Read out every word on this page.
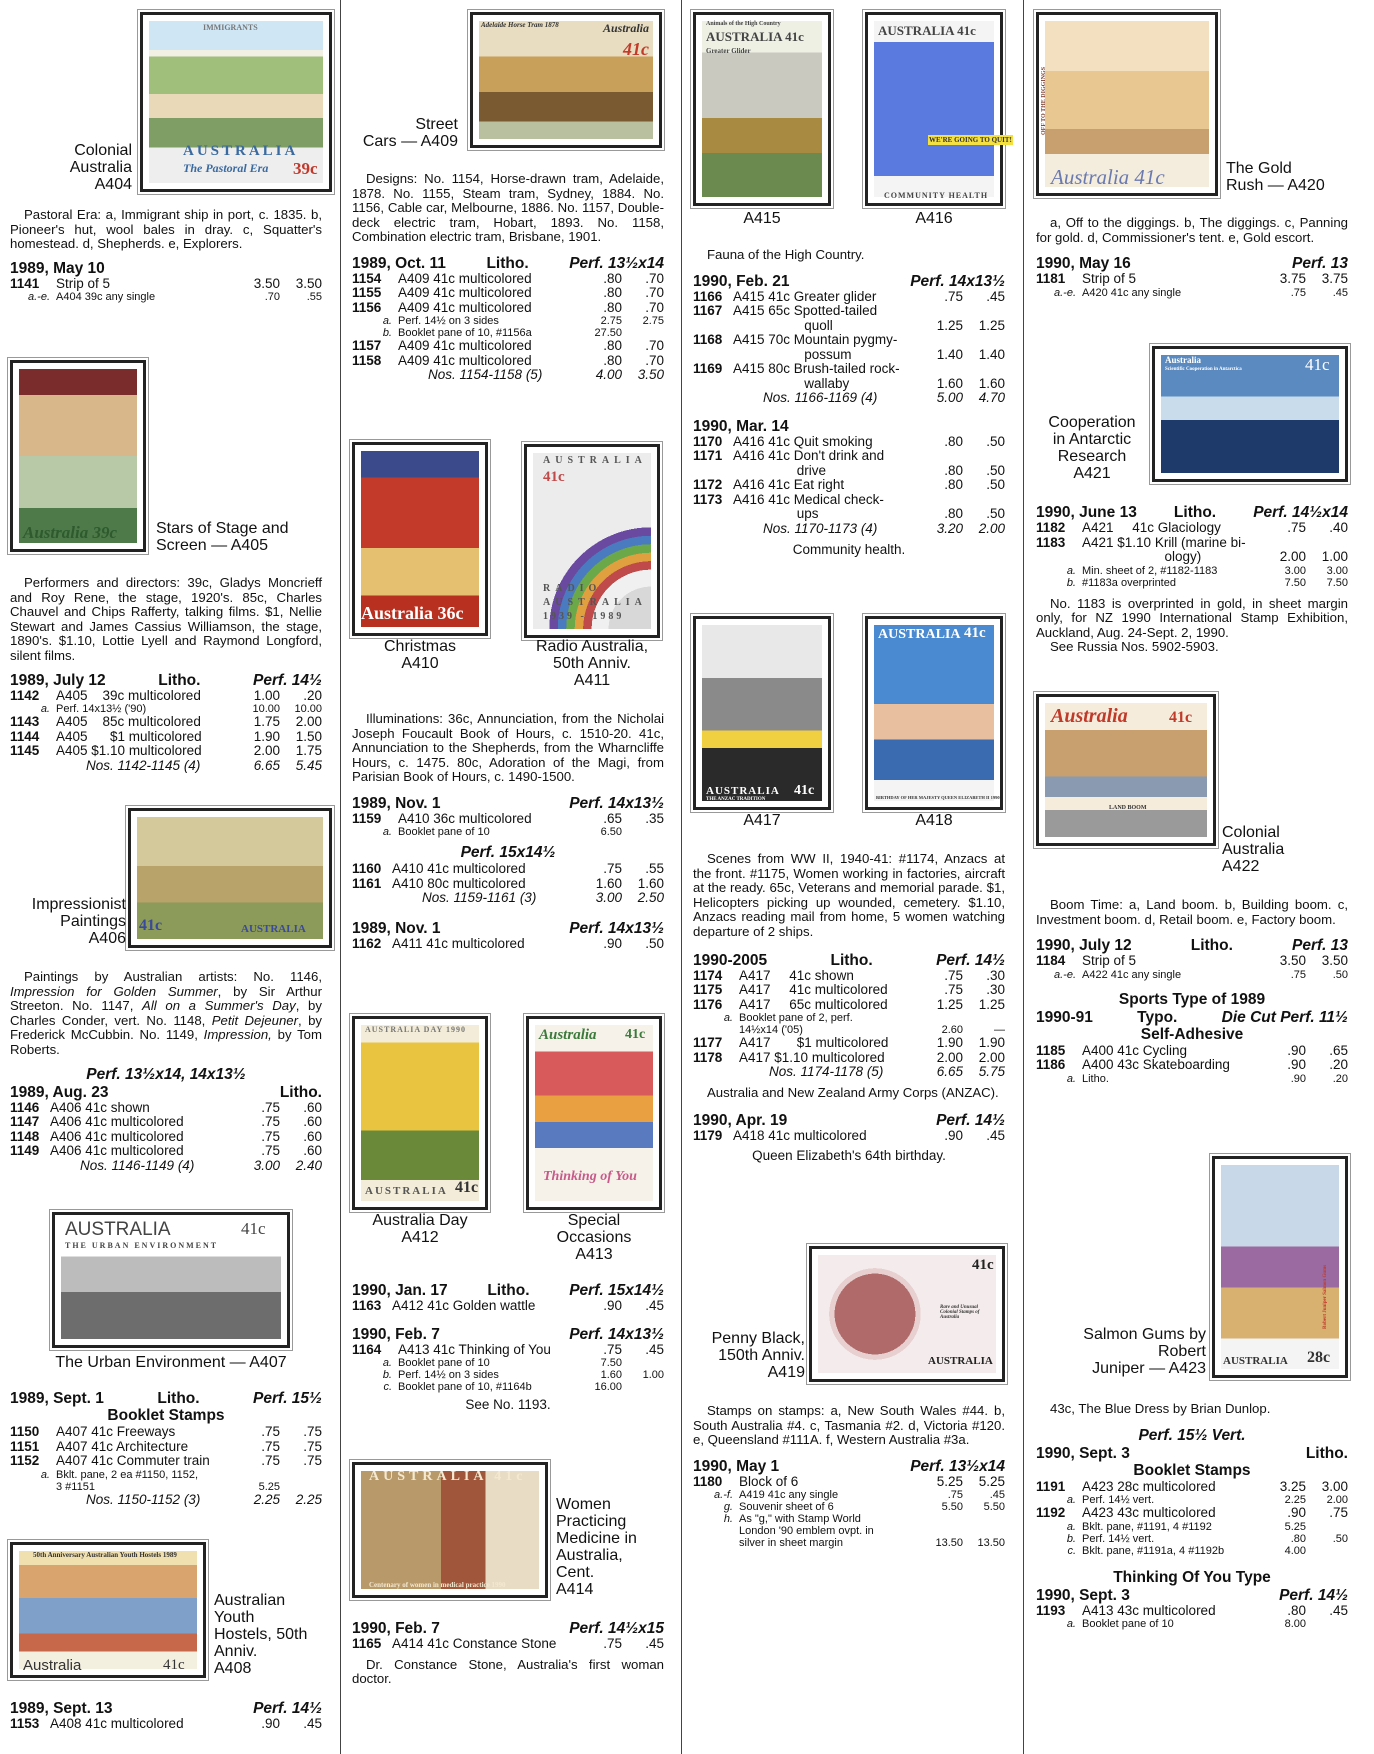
IMMIGRANTS
AUSTRALIA
The Pastoral Era 39c
Colonial
Australia
A404

Pastoral Era: a, Immigrant ship in port, c. 1835. b, Pioneer's hut, wool bales in dray. c, Squatter's homestead. d, Shepherds. e, Explorers.

1989, May 10
1141	Strip of 5	3.50	3.50
a.-e.	A404 39c any single	.70	.55
Australia 39c Stars of Stage and
Screen — A405

Performers and directors: 39c, Gladys Moncrieff and Roy Rene, the stage, 1920's. 85c, Charles Chauvel and Chips Rafferty, talking films. $1, Nellie Stewart and James Cassius Williamson, the stage, 1890's. $1.10, Lottie Lyell and Raymond Longford, silent films.

1989, July 12	Litho.	Perf. 14½
1142	A405    39c multicolored	1.00	.20
a.	Perf. 14x13½ ('90)	10.00	10.00
1143	A405    85c multicolored	1.75	2.00
1144	A405      $1 multicolored	1.90	1.50
1145	A405 $1.10 multicolored	2.00	1.75
	Nos. 1142-1145 (4)	6.65	5.45
41c	AUSTRALIA
Impressionist
Paintings
A406

Paintings by Australian artists: No. 1146, Impression for Golden Summer, by Sir Arthur Streeton. No. 1147, All on a Summer's Day, by Charles Conder, vert. No. 1148, Petit Dejeuner, by Frederick McCubbin. No. 1149, Impression, by Tom Roberts.

Perf. 13½x14, 14x13½
1989, Aug. 23	Litho.
1146	A406 41c shown	.75	.60
1147	A406 41c multicolored	.75	.60
1148	A406 41c multicolored	.75	.60
1149	A406 41c multicolored	.75	.60
	Nos. 1146-1149 (4)	3.00	2.40
AUSTRALIA
THE URBAN ENVIRONMENT
41c
The Urban Environment — A407
1989, Sept. 1	Litho.	Perf. 15½
Booklet Stamps
1150	A407 41c Freeways	.75	.75
1151	A407 41c Architecture	.75	.75
1152	A407 41c Commuter train	.75	.75
a.	Bklt. pane, 2 ea #1150, 1152,		
	3 #1151	5.25	
	Nos. 1150-1152 (3)	2.25	2.25
50th Anniversary Australian Youth Hostels 1989
Australia	41c
Australian
Youth
Hostels, 50th
Anniv.
A408
1989, Sept. 13	Perf. 14½
1153	A408 41c multicolored	.90	.45
Adelaide Horse Tram 1878	Australia
41c
Street
Cars — A409

Designs: No. 1154, Horse-drawn tram, Adelaide, 1878. No. 1155, Steam tram, Sydney, 1884. No. 1156, Cable car, Melbourne, 1886. No. 1157, Double-deck electric tram, Hobart, 1893. No. 1158, Combination electric tram, Brisbane, 1901.

1989, Oct. 11	Litho.	Perf. 13½x14
1154	A409 41c multicolored	.80	.70
1155	A409 41c multicolored	.80	.70
1156	A409 41c multicolored	.80	.70
a.	Perf. 14½ on 3 sides	2.75	2.75
b.	Booklet pane of 10, #1156a	27.50	
1157	A409 41c multicolored	.80	.70
1158	A409 41c multicolored	.80	.70
	Nos. 1154-1158 (5)	4.00	3.50
Australia 36c
Christmas
A410
AUSTRALIA
41c
RADIO
AUSTRALIA
1939 - 1989
Radio Australia,
50th Anniv.
A411

Illuminations: 36c, Annunciation, from the Nicholai Joseph Foucault Book of Hours, c. 1510-20. 41c, Annunciation to the Shepherds, from the Wharncliffe Hours, c. 1475. 80c, Adoration of the Magi, from Parisian Book of Hours, c. 1490-1500.

1989, Nov. 1	Perf. 14x13½
1159	A410 36c multicolored	.65	.35
a.	Booklet pane of 10	6.50	
Perf. 15x14½
1160	A410 41c multicolored	.75	.55
1161	A410 80c multicolored	1.60	1.60
	Nos. 1159-1161 (3)	3.00	2.50
1989, Nov. 1	Perf. 14x13½
1162	A411 41c multicolored	.90	.50
AUSTRALIA DAY 1990
AUSTRALIA 41c
Australia Day
A412
Australia 41c
Thinking of You
Special
Occasions
A413
1990, Jan. 17	Litho.	Perf. 15x14½
1163	A412 41c Golden wattle	.90	.45
1990, Feb. 7	Perf. 14x13½
1164	A413 41c Thinking of You	.75	.45
a.	Booklet pane of 10	7.50	
b.	Perf. 14½ on 3 sides	1.60	1.00
c.	Booklet pane of 10, #1164b	16.00	
See No. 1193.
AUSTRALIA 41c
Centenary of women in medical practice 1990
Women
Practicing
Medicine in
Australia,
Cent.
A414
1990, Feb. 7	Perf. 14½x15
1165	A414 41c Constance Stone	.75	.45

Dr. Constance Stone, Australia's first woman doctor.

Animals of the High Country
AUSTRALIA 41c
Greater Glider
A415
AUSTRALIA 41c
WE'RE GOING TO QUIT!
COMMUNITY HEALTH
A416

Fauna of the High Country.

1990, Feb. 21	Perf. 14x13½
1166	A415 41c Greater glider	.75	.45
1167	A415 65c Spotted-tailed		
	quoll	1.25	1.25
1168	A415 70c Mountain pygmy-		
	possum	1.40	1.40
1169	A415 80c Brush-tailed rock-		
	wallaby	1.60	1.60
	Nos. 1166-1169 (4)	5.00	4.70
1990, Mar. 14
1170	A416 41c Quit smoking	.80	.50
1171	A416 41c Don't drink and		
	drive	.80	.50
1172	A416 41c Eat right	.80	.50
1173	A416 41c Medical check-		
	ups	.80	.50
	Nos. 1170-1173 (4)	3.20	2.00
Community health.
AUSTRALIA 41c
THE ANZAC TRADITION
A417
AUSTRALIA 41c
BIRTHDAY OF HER MAJESTY QUEEN ELIZABETH II 1990
A418

Scenes from WW II, 1940-41: #1174, Anzacs at the front. #1175, Women working in factories, aircraft at the ready. 65c, Veterans and memorial parade. $1, Helicopters picking up wounded, cemetery. $1.10, Anzacs reading mail from home, 5 women watching departure of 2 ships.

1990-2005	Litho.	Perf. 14½
1174	A417     41c shown	.75	.30
1175	A417     41c multicolored	.75	.30
1176	A417     65c multicolored	1.25	1.25
a.	Booklet pane of 2, perf.		
	14½x14 ('05)	2.60	—
1177	A417       $1 multicolored	1.90	1.90
1178	A417 $1.10 multicolored	2.00	2.00
	Nos. 1174-1178 (5)	6.65	5.75

Australia and New Zealand Army Corps (ANZAC).

1990, Apr. 19	Perf. 14½
1179	A418 41c multicolored	.90	.45
Queen Elizabeth's 64th birthday.
41c
Rare and Unusual Colonial Stamps of Australia
AUSTRALIA
Penny Black,
150th Anniv.
A419

Stamps on stamps: a, New South Wales #44. b, South Australia #4. c, Tasmania #2. d, Victoria #120. e, Queensland #111A. f, Western Australia #3a.

1990, May 1	Perf. 13½x14
1180	Block of 6	5.25	5.25
a.-f.	A419 41c any single	.75	.45
g.	Souvenir sheet of 6	5.50	5.50
h.	As "g," with Stamp World		
	London '90 emblem ovpt. in		
	silver in sheet margin	13.50	13.50
OFF TO THE DIGGINGS
Australia 41c	The Gold
Rush — A420

a, Off to the diggings. b, The diggings. c, Panning for gold. d, Commissioner's tent. e, Gold escort.

1990, May 16	Perf. 13
1181	Strip of 5	3.75	3.75
a.-e.	A420 41c any single	.75	.45
Australia
Scientific Cooperation in Antarctica	41c
Cooperation
in Antarctic
Research
A421
1990, June 13 Litho. Perf. 14½x14
1182	A421     41c Glaciology	.75	.40
1183	A421 $1.10 Krill (marine bi-		
	ology)	2.00	1.00
a.	Min. sheet of 2, #1182-1183	3.00	3.00
b.	#1183a overprinted	7.50	7.50

No. 1183 is overprinted in gold, in sheet margin only, for NZ 1990 International Stamp Exhibition, Auckland, Aug. 24-Sept. 2, 1990.

See Russia Nos. 5902-5903.

Australia	41c
LAND BOOM
Colonial
Australia
A422

Boom Time: a, Land boom. b, Building boom. c, Investment boom. d, Retail boom. e, Factory boom.

1990, July 12	Litho.	Perf. 13
1184	Strip of 5	3.50	3.50
a.-e.	A422 41c any single	.75	.50
Sports Type of 1989
1990-91	Typo.	Die Cut Perf. 11½
Self-Adhesive
1185	A400 41c Cycling	.90	.65
1186	A400 43c Skateboarding	.90	.20
a.	Litho.	.90	.20
AUSTRALIA 28c
Robert Juniper Salmon Gums
Salmon Gums by
Robert
Juniper — A423

43c, The Blue Dress by Brian Dunlop.

Perf. 15½ Vert.
1990, Sept. 3	Litho.
Booklet Stamps
1191	A423 28c multicolored	3.25	3.00
a.	Perf. 14½ vert.	2.25	2.00
1192	A423 43c multicolored	.90	.75
a.	Bklt. pane, #1191, 4 #1192	5.25	
b.	Perf. 14½ vert.	.80	.50
c.	Bklt. pane, #1191a, 4 #1192b	4.00	
Thinking Of You Type
1990, Sept. 3	Perf. 14½
1193	A413 43c multicolored	.80	.45
a.	Booklet pane of 10	8.00	
